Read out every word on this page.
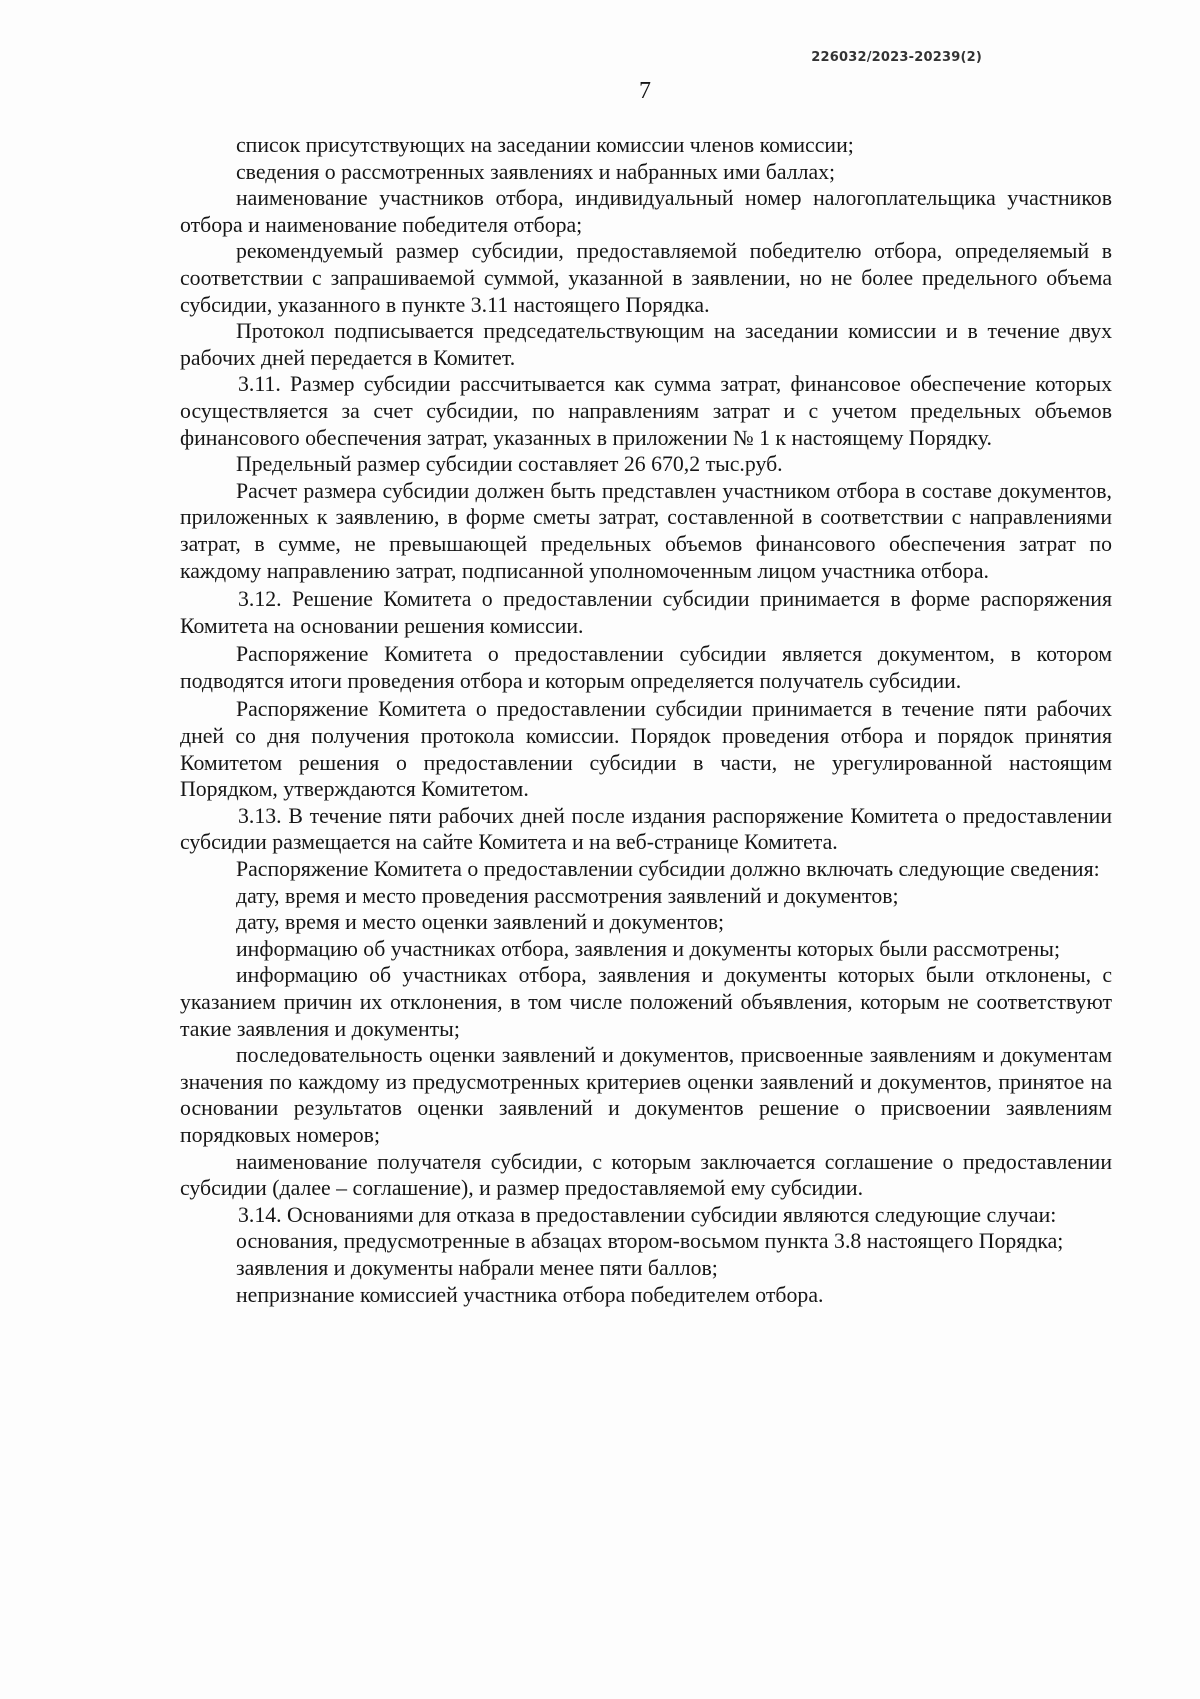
226032/2023-20239(2)
7

список присутствующих на заседании комиссии членов комиссии;

сведения о рассмотренных заявлениях и набранных ими баллах;

наименование участников отбора, индивидуальный номер налогоплательщика участников отбора и наименование победителя отбора;

рекомендуемый размер субсидии, предоставляемой победителю отбора, определяемый в соответствии с запрашиваемой суммой, указанной в заявлении, но не более предельного объема субсидии, указанного в пункте 3.11 настоящего Порядка.

Протокол подписывается председательствующим на заседании комиссии и в течение двух рабочих дней передается в Комитет.

3.11. Размер субсидии рассчитывается как сумма затрат, финансовое обеспечение которых осуществляется за счет субсидии, по направлениям затрат и с учетом предельных объемов финансового обеспечения затрат, указанных в приложении № 1 к настоящему Порядку.

Предельный размер субсидии составляет 26 670,2 тыс.руб.

Расчет размера субсидии должен быть представлен участником отбора в составе документов, приложенных к заявлению, в форме сметы затрат, составленной в соответствии с направлениями затрат, в сумме, не превышающей предельных объемов финансового обеспечения затрат по каждому направлению затрат, подписанной уполномоченным лицом участника отбора.

3.12. Решение Комитета о предоставлении субсидии принимается в форме распоряжения Комитета на основании решения комиссии.

Распоряжение Комитета о предоставлении субсидии является документом, в котором подводятся итоги проведения отбора и которым определяется получатель субсидии.

Распоряжение Комитета о предоставлении субсидии принимается в течение пяти рабочих дней со дня получения протокола комиссии. Порядок проведения отбора и порядок принятия Комитетом решения о предоставлении субсидии в части, не урегулированной настоящим Порядком, утверждаются Комитетом.

3.13. В течение пяти рабочих дней после издания распоряжение Комитета о предоставлении субсидии размещается на сайте Комитета и на веб-странице Комитета.

Распоряжение Комитета о предоставлении субсидии должно включать следующие сведения:

дату, время и место проведения рассмотрения заявлений и документов;

дату, время и место оценки заявлений и документов;

информацию об участниках отбора, заявления и документы которых были рассмотрены;

информацию об участниках отбора, заявления и документы которых были отклонены, с указанием причин их отклонения, в том числе положений объявления, которым не соответствуют такие заявления и документы;

последовательность оценки заявлений и документов, присвоенные заявлениям и документам значения по каждому из предусмотренных критериев оценки заявлений и документов, принятое на основании результатов оценки заявлений и документов решение о присвоении заявлениям порядковых номеров;

наименование получателя субсидии, с которым заключается соглашение о предоставлении субсидии (далее – соглашение), и размер предоставляемой ему субсидии.

3.14. Основаниями для отказа в предоставлении субсидии являются следующие случаи:

основания, предусмотренные в абзацах втором-восьмом пункта 3.8 настоящего Порядка;

заявления и документы набрали менее пяти баллов;

непризнание комиссией участника отбора победителем отбора.
